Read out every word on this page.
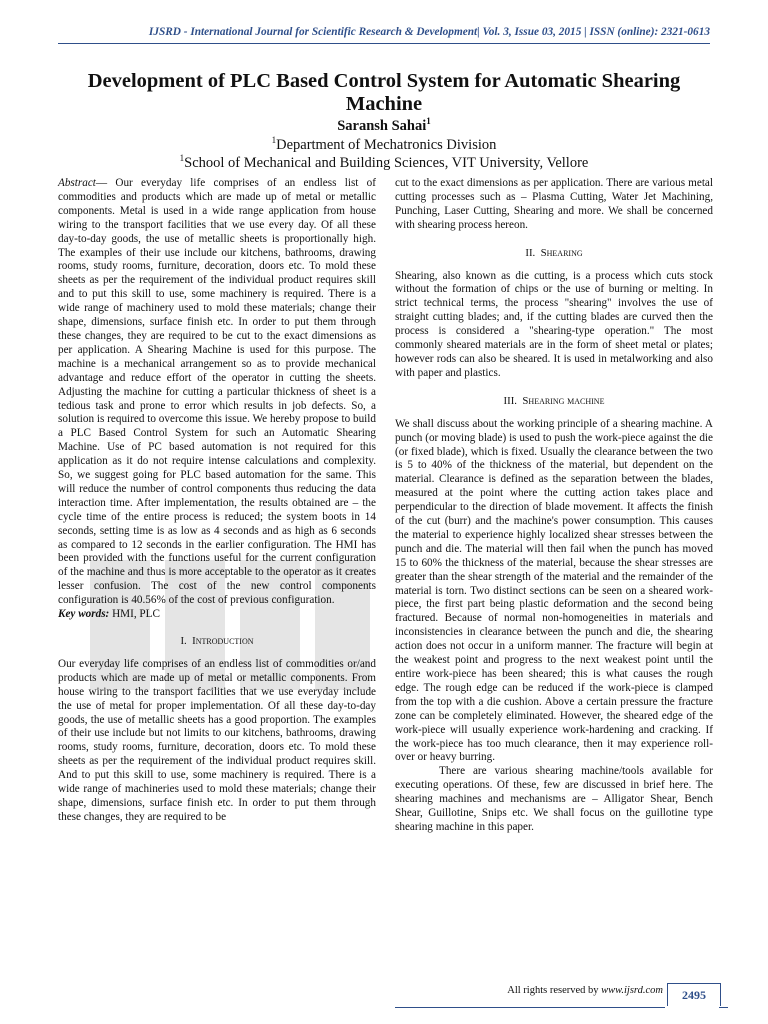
IJSRD - International Journal for Scientific Research & Development| Vol. 3, Issue 03, 2015 | ISSN (online): 2321-0613
Development of PLC Based Control System for Automatic Shearing Machine
Saransh Sahai$^1$
$^1$Department of Mechatronics Division
$^1$School of Mechanical and Building Sciences, VIT University, Vellore

Abstract— Our everyday life comprises of an endless list of commodities and products which are made up of metal or metallic components. Metal is used in a wide range application from house wiring to the transport facilities that we use every day. Of all these day-to-day goods, the use of metallic sheets is proportionally high. The examples of their use include our kitchens, bathrooms, drawing rooms, study rooms, furniture, decoration, doors etc. To mold these sheets as per the requirement of the individual product requires skill and to put this skill to use, some machinery is required. There is a wide range of machinery used to mold these materials; change their shape, dimensions, surface finish etc. In order to put them through these changes, they are required to be cut to the exact dimensions as per application. A Shearing Machine is used for this purpose. The machine is a mechanical arrangement so as to provide mechanical advantage and reduce effort of the operator in cutting the sheets. Adjusting the machine for cutting a particular thickness of sheet is a tedious task and prone to error which results in job defects. So, a solution is required to overcome this issue. We hereby propose to build a PLC Based Control System for such an Automatic Shearing Machine. Use of PC based automation is not required for this application as it do not require intense calculations and complexity. So, we suggest going for PLC based automation for the same. This will reduce the number of control components thus reducing the data interaction time. After implementation, the results obtained are – the cycle time of the entire process is reduced; the system boots in 14 seconds, setting time is as low as 4 seconds and as high as 6 seconds as compared to 12 seconds in the earlier configuration. The HMI has been provided with the functions useful for the current configuration of the machine and thus is more acceptable to the operator as it creates lesser confusion. The cost of the new control components configuration is 40.56% of the cost of previous configuration.

Key words: HMI, PLC

I. Introduction

Our everyday life comprises of an endless list of commodities or/and products which are made up of metal or metallic components. From house wiring to the transport facilities that we use everyday include the use of metal for proper implementation. Of all these day-to-day goods, the use of metallic sheets has a good proportion. The examples of their use include but not limits to our kitchens, bathrooms, drawing rooms, study rooms, furniture, decoration, doors etc. To mold these sheets as per the requirement of the individual product requires skill. And to put this skill to use, some machinery is required. There is a wide range of machineries used to mold these materials; change their shape, dimensions, surface finish etc. In order to put them through these changes, they are required to be

cut to the exact dimensions as per application. There are various metal cutting processes such as – Plasma Cutting, Water Jet Machining, Punching, Laser Cutting, Shearing and more. We shall be concerned with shearing process hereon.

II. Shearing

Shearing, also known as die cutting, is a process which cuts stock without the formation of chips or the use of burning or melting. In strict technical terms, the process "shearing" involves the use of straight cutting blades; and, if the cutting blades are curved then the process is considered a "shearing-type operation." The most commonly sheared materials are in the form of sheet metal or plates; however rods can also be sheared. It is used in metalworking and also with paper and plastics.

III. Shearing machine

We shall discuss about the working principle of a shearing machine. A punch (or moving blade) is used to push the work-piece against the die (or fixed blade), which is fixed. Usually the clearance between the two is 5 to 40% of the thickness of the material, but dependent on the material. Clearance is defined as the separation between the blades, measured at the point where the cutting action takes place and perpendicular to the direction of blade movement. It affects the finish of the cut (burr) and the machine's power consumption. This causes the material to experience highly localized shear stresses between the punch and die. The material will then fail when the punch has moved 15 to 60% the thickness of the material, because the shear stresses are greater than the shear strength of the material and the remainder of the material is torn. Two distinct sections can be seen on a sheared work-piece, the first part being plastic deformation and the second being fractured. Because of normal non-homogeneities in materials and inconsistencies in clearance between the punch and die, the shearing action does not occur in a uniform manner. The fracture will begin at the weakest point and progress to the next weakest point until the entire work-piece has been sheared; this is what causes the rough edge. The rough edge can be reduced if the work-piece is clamped from the top with a die cushion. Above a certain pressure the fracture zone can be completely eliminated. However, the sheared edge of the work-piece will usually experience work-hardening and cracking. If the work-piece has too much clearance, then it may experience roll-over or heavy burring.

There are various shearing machine/tools available for executing operations. Of these, few are discussed in brief here. The shearing machines and mechanisms are – Alligator Shear, Bench Shear, Guillotine, Snips etc. We shall focus on the guillotine type shearing machine in this paper.

All rights reserved by www.ijsrd.com	2495
